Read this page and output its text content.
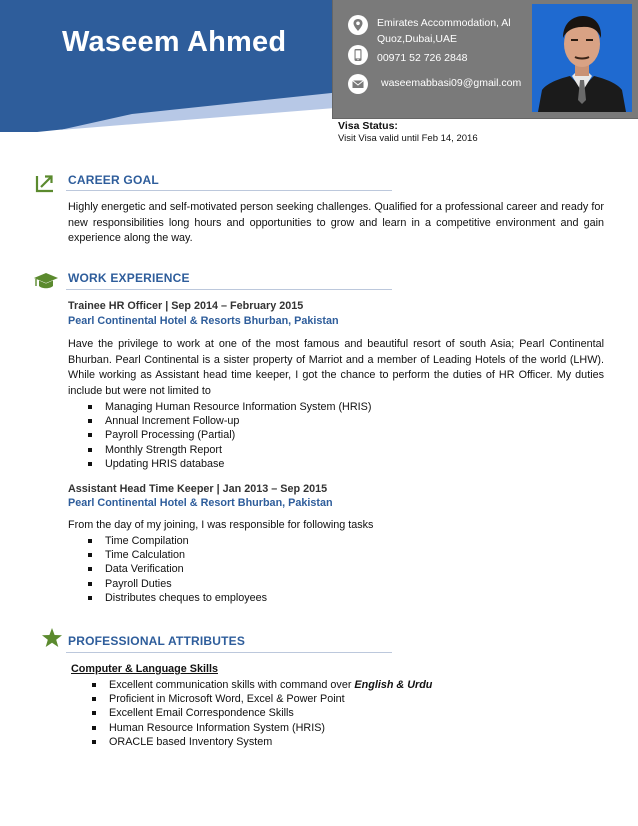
Waseem Ahmed
Emirates Accommodation, Al
Quoz,Dubai,UAE
00971 52 726 2848
waseemabbasi09@gmail.com
Visa Status:
Visit Visa valid until Feb 14, 2016
CAREER GOAL
Highly energetic and self-motivated person seeking challenges. Qualified for a professional career and ready for new responsibilities long hours and opportunities to grow and learn in a competitive environment and gain experience along the way.
WORK EXPERIENCE
Trainee HR Officer | Sep 2014 – February 2015
Pearl Continental Hotel & Resorts Bhurban, Pakistan
Have the privilege to work at one of the most famous and beautiful resort of south Asia; Pearl Continental Bhurban. Pearl Continental is a sister property of Marriot and a member of Leading Hotels of the world (LHW). While working as Assistant head time keeper, I got the chance to perform the duties of HR Officer. My duties include but were not limited to
Managing Human Resource Information System (HRIS)
Annual Increment Follow-up
Payroll Processing (Partial)
Monthly Strength Report
Updating HRIS database
Assistant Head Time Keeper | Jan 2013 – Sep 2015
Pearl Continental Hotel & Resort Bhurban, Pakistan
From the day of my joining, I was responsible for following tasks
Time Compilation
Time Calculation
Data Verification
Payroll Duties
Distributes cheques to employees
PROFESSIONAL ATTRIBUTES
Computer & Language Skills
Excellent communication skills with command over English & Urdu
Proficient in Microsoft Word, Excel & Power Point
Excellent Email Correspondence Skills
Human Resource Information System (HRIS)
ORACLE based Inventory System
